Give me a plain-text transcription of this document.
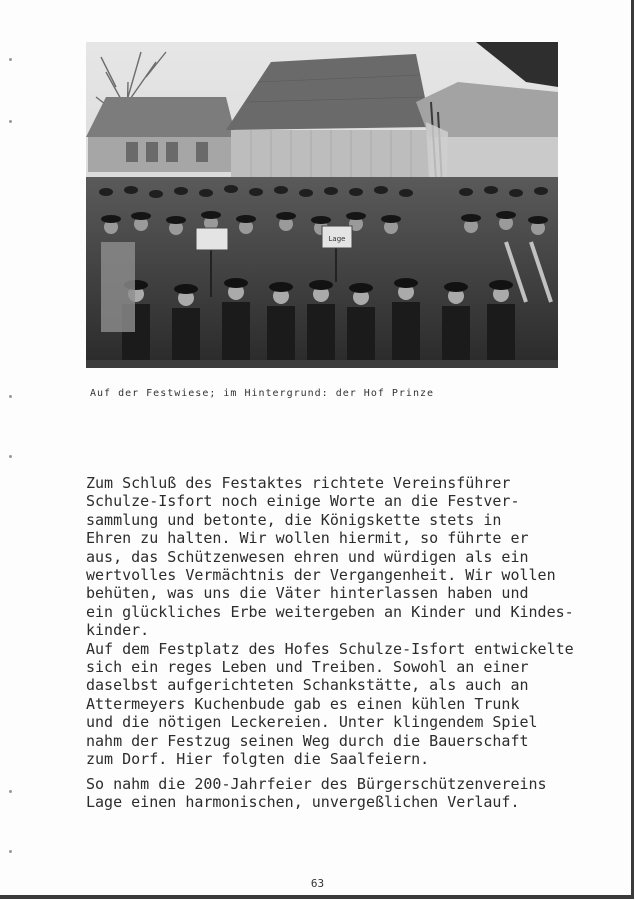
Lage
Auf der Festwiese; im Hintergrund: der Hof Prinze

Zum Schluß des Festaktes richtete Vereinsführer
Schulze-Isfort noch einige Worte an die Festver-
sammlung und betonte, die Königskette stets in
Ehren zu halten. Wir wollen hiermit, so führte er
aus, das Schützenwesen ehren und würdigen als ein
wertvolles Vermächtnis der Vergangenheit. Wir wollen
behüten, was uns die Väter hinterlassen haben und
ein glückliches Erbe weitergeben an Kinder und Kindes-
kinder.
Auf dem Festplatz des Hofes Schulze-Isfort entwickelte
sich ein reges Leben und Treiben. Sowohl an einer
daselbst aufgerichteten Schankstätte, als auch an
Attermeyers Kuchenbude gab es einen kühlen Trunk
und die nötigen Leckereien. Unter klingendem Spiel
nahm der Festzug seinen Weg durch die Bauerschaft
zum Dorf. Hier folgten die Saalfeiern.

So nahm die 200-Jahrfeier des Bürgerschützenvereins
Lage einen harmonischen, unvergeßlichen Verlauf.

63
